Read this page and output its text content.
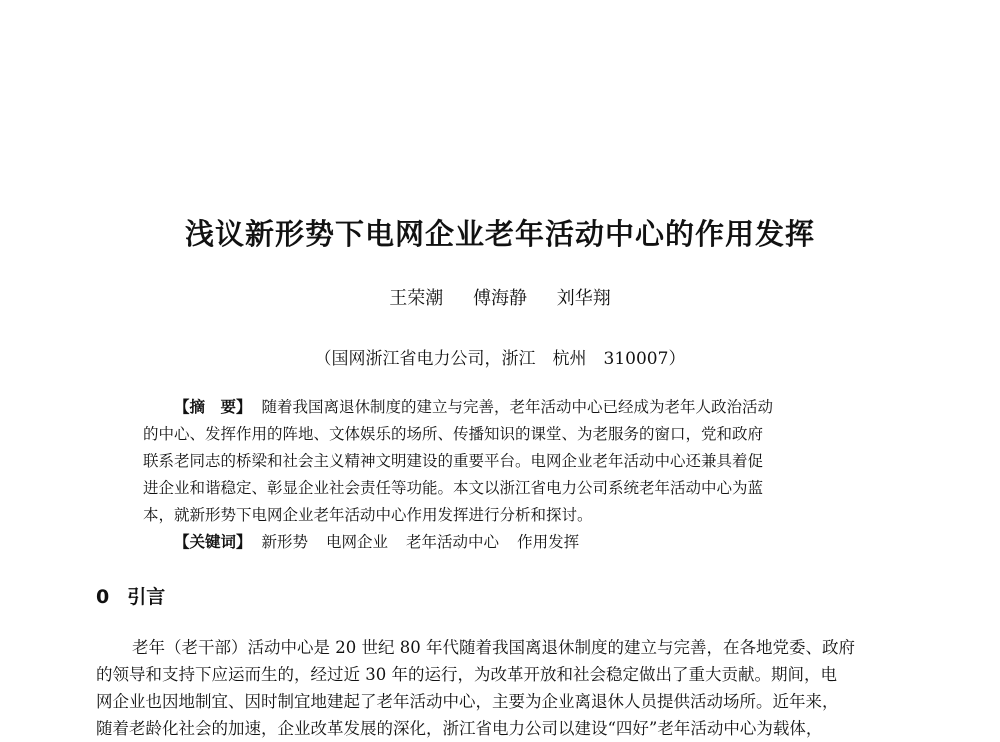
浅议新形势下电网企业老年活动中心的作用发挥
王荣潮 傅海静 刘华翔
（国网浙江省电力公司，浙江　杭州　310007）
【摘　要】 随着我国离退休制度的建立与完善，老年活动中心已经成为老年人政治活动
的中心、发挥作用的阵地、文体娱乐的场所、传播知识的课堂、为老服务的窗口，党和政府
联系老同志的桥梁和社会主义精神文明建设的重要平台。电网企业老年活动中心还兼具着促
进企业和谐稳定、彰显企业社会责任等功能。本文以浙江省电力公司系统老年活动中心为蓝
本，就新形势下电网企业老年活动中心作用发挥进行分析和探讨。
【关键词】 新形势 电网企业 老年活动中心 作用发挥
0 引言
老年（老干部）活动中心是 20 世纪 80 年代随着我国离退休制度的建立与完善，在各地党委、政府
的领导和支持下应运而生的，经过近 30 年的运行，为改革开放和社会稳定做出了重大贡献。期间，电
网企业也因地制宜、因时制宜地建起了老年活动中心，主要为企业离退休人员提供活动场所。近年来，
随着老龄化社会的加速，企业改革发展的深化，浙江省电力公司以建设“四好”老年活动中心为载体，
